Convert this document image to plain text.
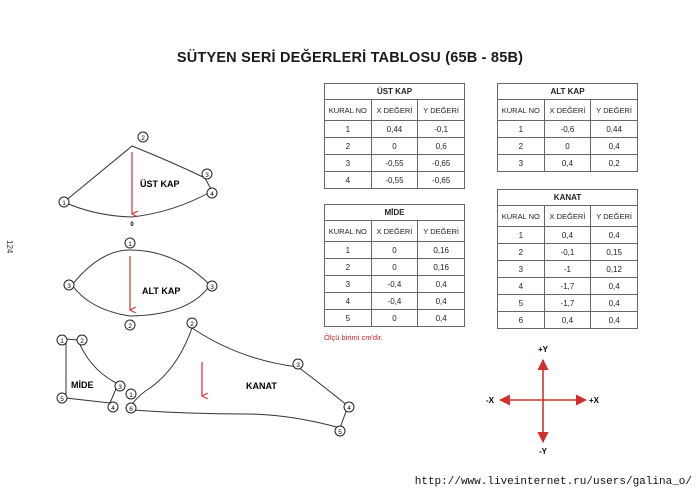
SÜTYEN SERİ DEĞERLERİ TABLOSU (65B - 85B)
124
ÜST KAP		
KURAL NO	X DEĞERİ	Y DEĞERİ
1	0,44	-0,1
2	0	0,6
3	-0,55	-0,65
4	-0,55	-0,65
ALT KAP		
KURAL NO	X DEĞERİ	Y DEĞERİ
1	-0,6	0,44
2	0	0,4
3	0,4	0,2
MİDE		
KURAL NO	X DEĞERİ	Y DEĞERİ
1	0	0,16
2	0	0,16
3	-0,4	0,4
4	-0,4	0,4
5	0	0,4
KANAT		
KURAL NO	X DEĞERİ	Y DEĞERİ
1	0,4	0,4
2	-0,1	0,15
3	-1	0,12
4	-1,7	0,4
5	-1,7	0,4
6	0,4	0,4
Ölçü birimi cm'dir.
2
1
3
4
ÜST KAP
0
1
3	3
2
ALT KAP
1	2
3
4
5
MİDE
1
2
3
4
5
6
KANAT
+Y
-Y
+X
-X
http://www.liveinternet.ru/users/galina_o/
